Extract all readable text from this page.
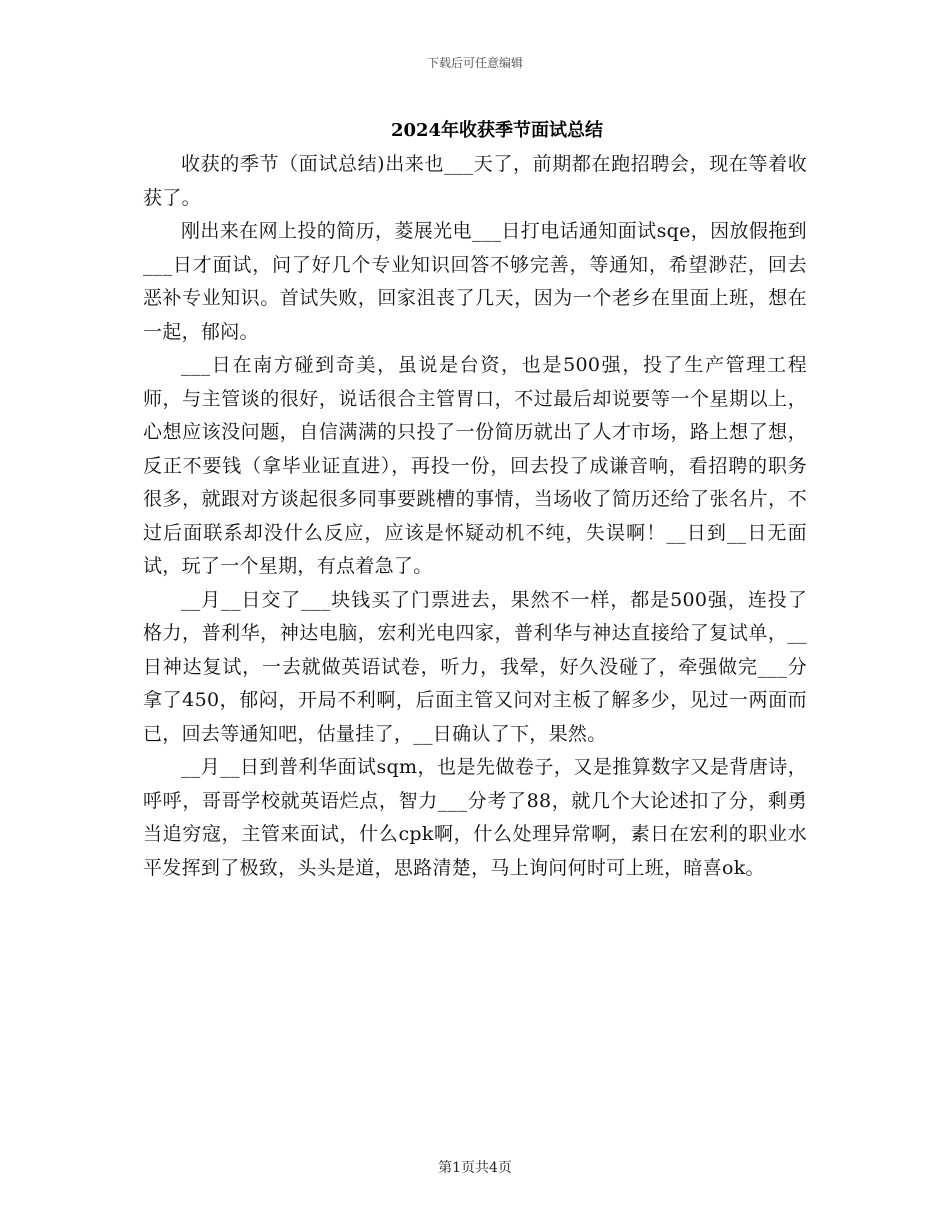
下载后可任意编辑
2024年收获季节面试总结

收获的季节（面试总结)出来也___天了，前期都在跑招聘会，现在等着收获了。

刚出来在网上投的简历，菱展光电___日打电话通知面试sqe，因放假拖到___日才面试，问了好几个专业知识回答不够完善，等通知，希望渺茫，回去恶补专业知识。首试失败，回家沮丧了几天，因为一个老乡在里面上班，想在一起，郁闷。

___日在南方碰到奇美，虽说是台资，也是500强，投了生产管理工程师，与主管谈的很好，说话很合主管胃口，不过最后却说要等一个星期以上，心想应该没问题，自信满满的只投了一份简历就出了人才市场，路上想了想，反正不要钱（拿毕业证直进），再投一份，回去投了成谦音响，看招聘的职务很多，就跟对方谈起很多同事要跳槽的事情，当场收了简历还给了张名片，不过后面联系却没什么反应，应该是怀疑动机不纯，失误啊！__日到__日无面试，玩了一个星期，有点着急了。

__月__日交了___块钱买了门票进去，果然不一样，都是500强，连投了格力，普利华，神达电脑，宏利光电四家，普利华与神达直接给了复试单，__日神达复试，一去就做英语试卷，听力，我晕，好久没碰了，牵强做完___分拿了450，郁闷，开局不利啊，后面主管又问对主板了解多少，见过一两面而已，回去等通知吧，估量挂了，__日确认了下，果然。

__月__日到普利华面试sqm，也是先做卷子，又是推算数字又是背唐诗，呼呼，哥哥学校就英语烂点，智力___分考了88，就几个大论述扣了分，剩勇当追穷寇，主管来面试，什么cpk啊，什么处理异常啊，素日在宏利的职业水平发挥到了极致，头头是道，思路清楚，马上询问何时可上班，暗喜ok。

第1页共4页
